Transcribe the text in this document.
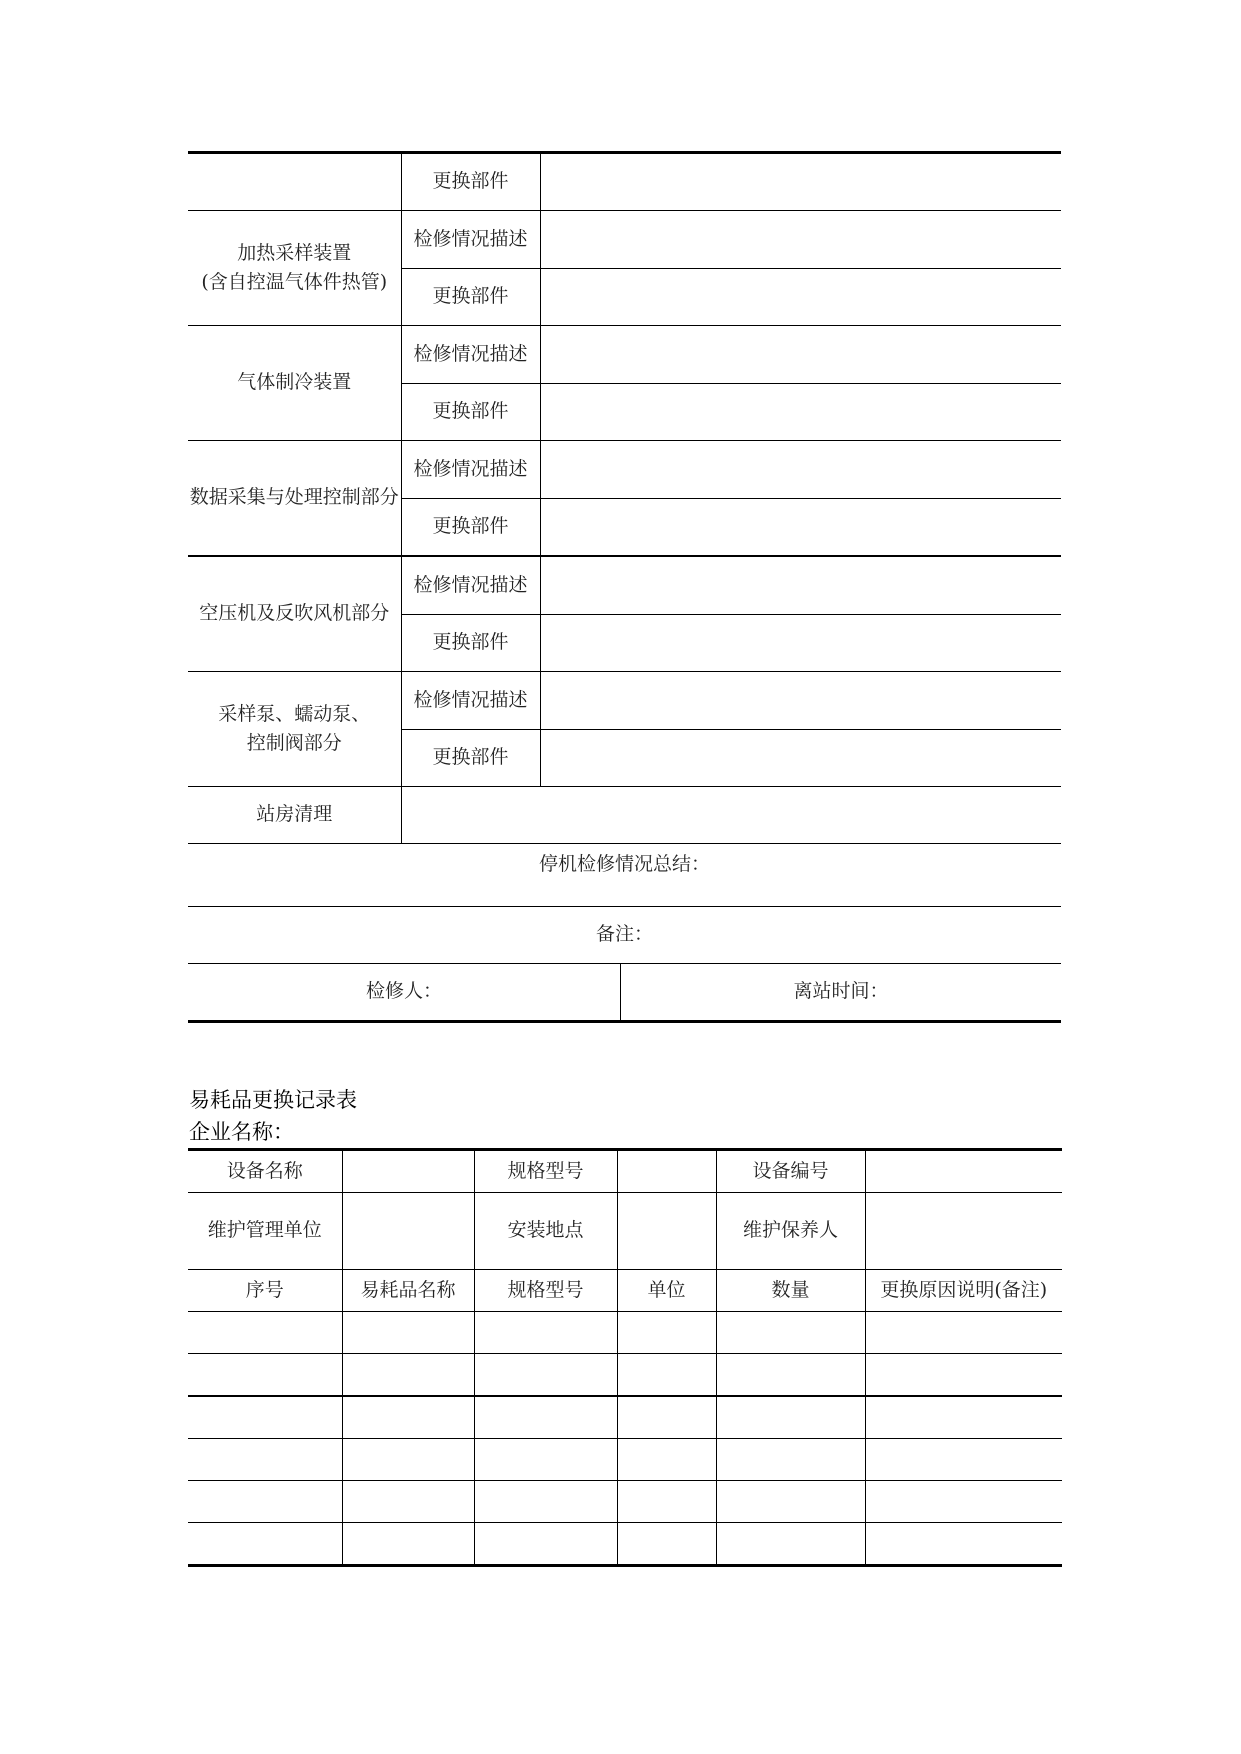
	更换部件	

加热采样装置
(含自控温气体件热管)	检修情况描述	
	更换部件	

气体制冷装置	检修情况描述	
	更换部件	

数据采集与处理控制部分	检修情况描述	
	更换部件	

空压机及反吹风机部分	检修情况描述	
	更换部件	

采样泵、蠕动泵、
控制阀部分	检修情况描述	
	更换部件	
站房清理		
停机检修情况总结：		
备注：		

检修人： 离站时间：		
易耗品更换记录表
企业名称：
设备名称		规格型号		设备编号	
维护管理单位		安装地点		维护保养人	
序号	易耗品名称	规格型号	单位	数量	更换原因说明(备注)
